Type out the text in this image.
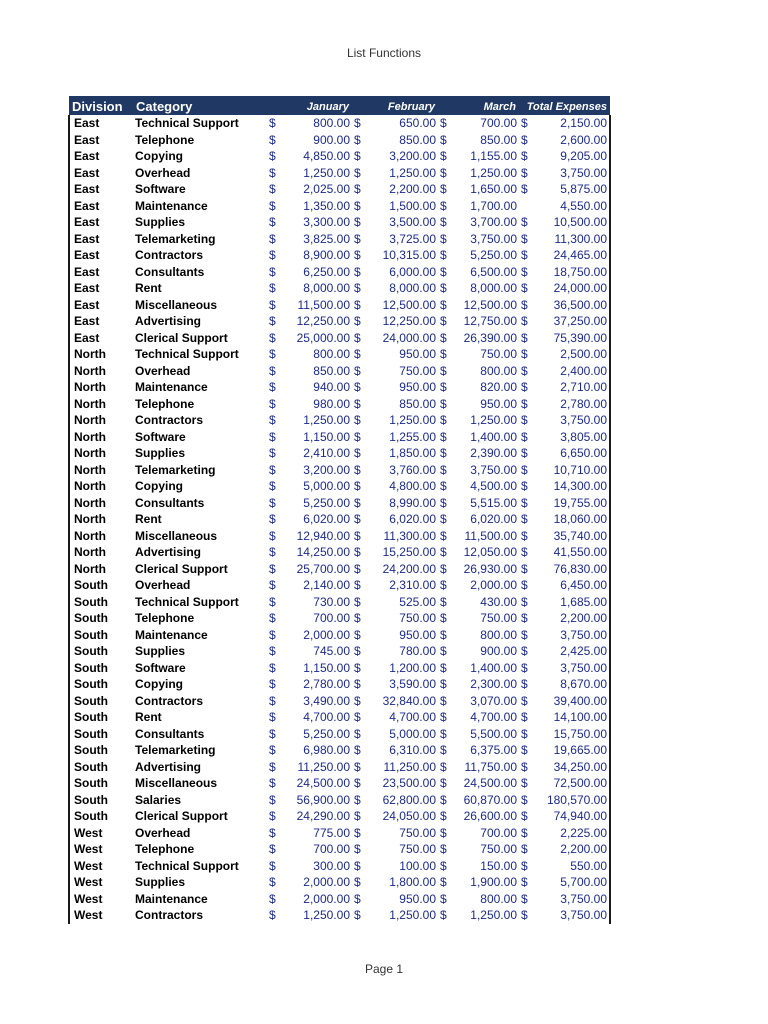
List Functions
Division	Category	January	February	March	Total Expenses
East	Technical Support	$ 800.00	$ 650.00	$ 700.00	$ 2,150.00

East	Telephone	$ 900.00	$ 850.00	$ 850.00	$ 2,600.00

East	Copying	$ 4,850.00	$ 3,200.00	$ 1,155.00	$ 9,205.00

East	Overhead	$ 1,250.00	$ 1,250.00	$ 1,250.00	$ 3,750.00

East	Software	$ 2,025.00	$ 2,200.00	$ 1,650.00	$ 5,875.00

East	Maintenance	$ 1,350.00	$ 1,500.00	$ 1,700.00	4,550.00

East	Supplies	$ 3,300.00	$ 3,500.00	$ 3,700.00	$ 10,500.00

East	Telemarketing	$ 3,825.00	$ 3,725.00	$ 3,750.00	$ 11,300.00

East	Contractors	$ 8,900.00	$ 10,315.00	$ 5,250.00	$ 24,465.00

East	Consultants	$ 6,250.00	$ 6,000.00	$ 6,500.00	$ 18,750.00

East	Rent	$ 8,000.00	$ 8,000.00	$ 8,000.00	$ 24,000.00

East	Miscellaneous	$ 11,500.00	$ 12,500.00	$ 12,500.00	$ 36,500.00

East	Advertising	$ 12,250.00	$ 12,250.00	$ 12,750.00	$ 37,250.00

East	Clerical Support	$ 25,000.00	$ 24,000.00	$ 26,390.00	$ 75,390.00

North	Technical Support	$ 800.00	$ 950.00	$ 750.00	$ 2,500.00

North	Overhead	$ 850.00	$ 750.00	$ 800.00	$ 2,400.00

North	Maintenance	$ 940.00	$ 950.00	$ 820.00	$ 2,710.00

North	Telephone	$ 980.00	$ 850.00	$ 950.00	$ 2,780.00

North	Contractors	$ 1,250.00	$ 1,250.00	$ 1,250.00	$ 3,750.00

North	Software	$ 1,150.00	$ 1,255.00	$ 1,400.00	$ 3,805.00

North	Supplies	$ 2,410.00	$ 1,850.00	$ 2,390.00	$ 6,650.00

North	Telemarketing	$ 3,200.00	$ 3,760.00	$ 3,750.00	$ 10,710.00

North	Copying	$ 5,000.00	$ 4,800.00	$ 4,500.00	$ 14,300.00

North	Consultants	$ 5,250.00	$ 8,990.00	$ 5,515.00	$ 19,755.00

North	Rent	$ 6,020.00	$ 6,020.00	$ 6,020.00	$ 18,060.00

North	Miscellaneous	$ 12,940.00	$ 11,300.00	$ 11,500.00	$ 35,740.00

North	Advertising	$ 14,250.00	$ 15,250.00	$ 12,050.00	$ 41,550.00

North	Clerical Support	$ 25,700.00	$ 24,200.00	$ 26,930.00	$ 76,830.00

South	Overhead	$ 2,140.00	$ 2,310.00	$ 2,000.00	$ 6,450.00

South	Technical Support	$ 730.00	$ 525.00	$ 430.00	$ 1,685.00

South	Telephone	$ 700.00	$ 750.00	$ 750.00	$ 2,200.00

South	Maintenance	$ 2,000.00	$ 950.00	$ 800.00	$ 3,750.00

South	Supplies	$ 745.00	$ 780.00	$ 900.00	$ 2,425.00

South	Software	$ 1,150.00	$ 1,200.00	$ 1,400.00	$ 3,750.00

South	Copying	$ 2,780.00	$ 3,590.00	$ 2,300.00	$ 8,670.00

South	Contractors	$ 3,490.00	$ 32,840.00	$ 3,070.00	$ 39,400.00

South	Rent	$ 4,700.00	$ 4,700.00	$ 4,700.00	$ 14,100.00

South	Consultants	$ 5,250.00	$ 5,000.00	$ 5,500.00	$ 15,750.00

South	Telemarketing	$ 6,980.00	$ 6,310.00	$ 6,375.00	$ 19,665.00

South	Advertising	$ 11,250.00	$ 11,250.00	$ 11,750.00	$ 34,250.00

South	Miscellaneous	$ 24,500.00	$ 23,500.00	$ 24,500.00	$ 72,500.00

South	Salaries	$ 56,900.00	$ 62,800.00	$ 60,870.00	$ 180,570.00

South	Clerical Support	$ 24,290.00	$ 24,050.00	$ 26,600.00	$ 74,940.00

West	Overhead	$ 775.00	$ 750.00	$ 700.00	$ 2,225.00

West	Telephone	$ 700.00	$ 750.00	$ 750.00	$ 2,200.00

West	Technical Support	$ 300.00	$ 100.00	$ 150.00	$ 550.00

West	Supplies	$ 2,000.00	$ 1,800.00	$ 1,900.00	$ 5,700.00

West	Maintenance	$ 2,000.00	$ 950.00	$ 800.00	$ 3,750.00

West	Contractors	$ 1,250.00	$ 1,250.00	$ 1,250.00	$ 3,750.00
Page 1
